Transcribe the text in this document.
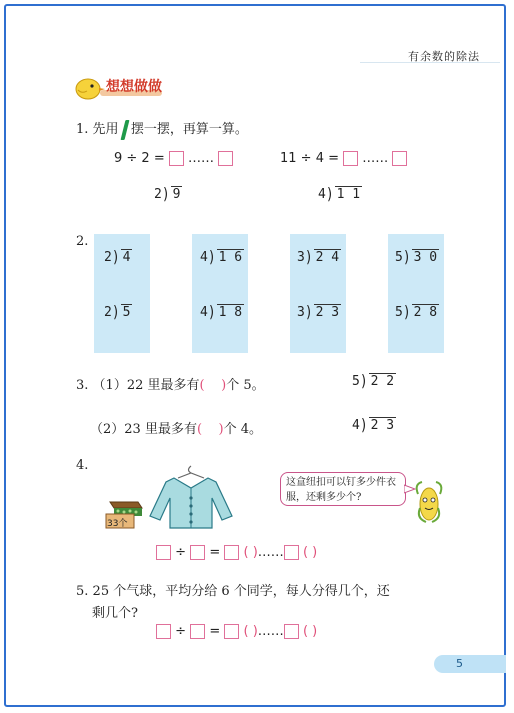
有余数的除法
想想做做
1. 先用 摆一摆，再算一算。
9 ÷ 2 = ……	11 ÷ 4 = ……
2) 9	4) 1 1
2.
2) 4
2) 5
4) 1 6
4) 1 8
3) 2 4
3) 2 3
5) 3 0
5) 2 8
3. （1）22 里最多有(    )个 5。	5) 2 2
（2）23 里最多有(    )个 4。	4) 2 3
4.
33个
这盒纽扣可以钉多少件衣服，还剩多少个?
÷ = ( )…… ( )
5. 25 个气球，平均分给 6 个同学，每人分得几个，还
剩几个?
÷ = ( )…… ( )
5
